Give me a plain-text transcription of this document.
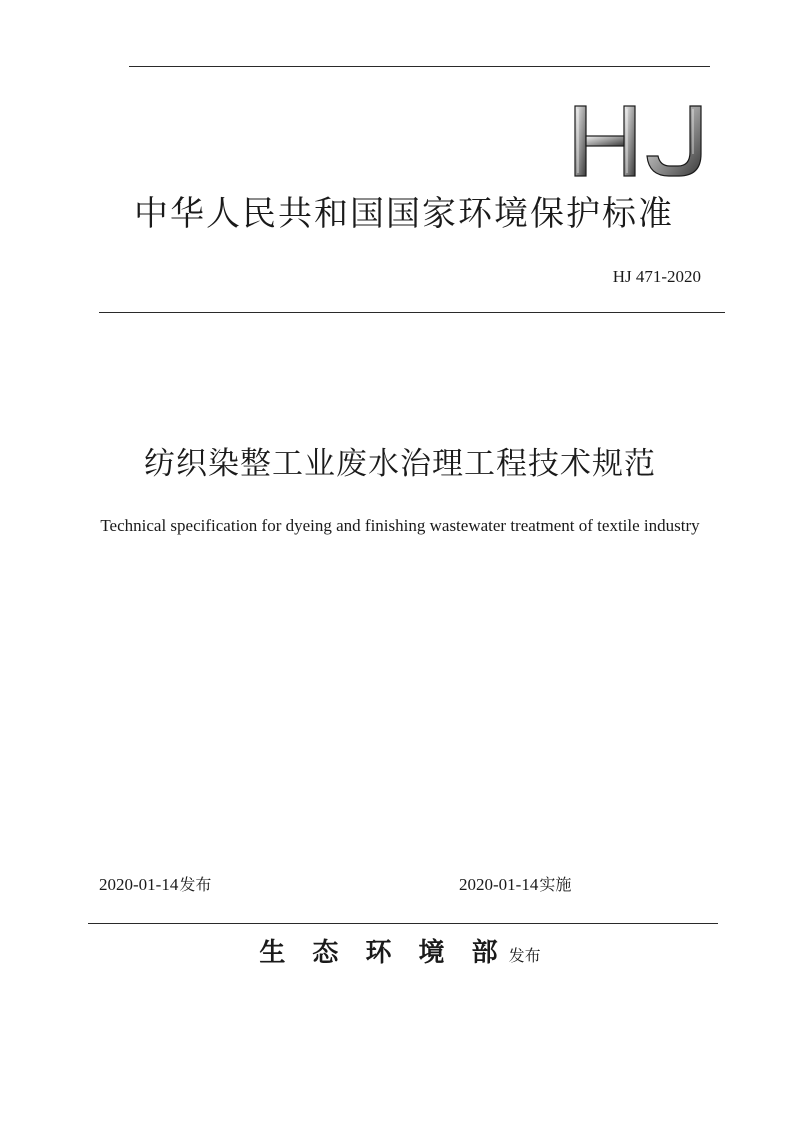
中华人民共和国国家环境保护标准
HJ 471-2020
纺织染整工业废水治理工程技术规范
Technical specification for dyeing and finishing wastewater treatment of textile industry
2020-01-14发布	2020-01-14实施
生 态 环 境 部 发布
